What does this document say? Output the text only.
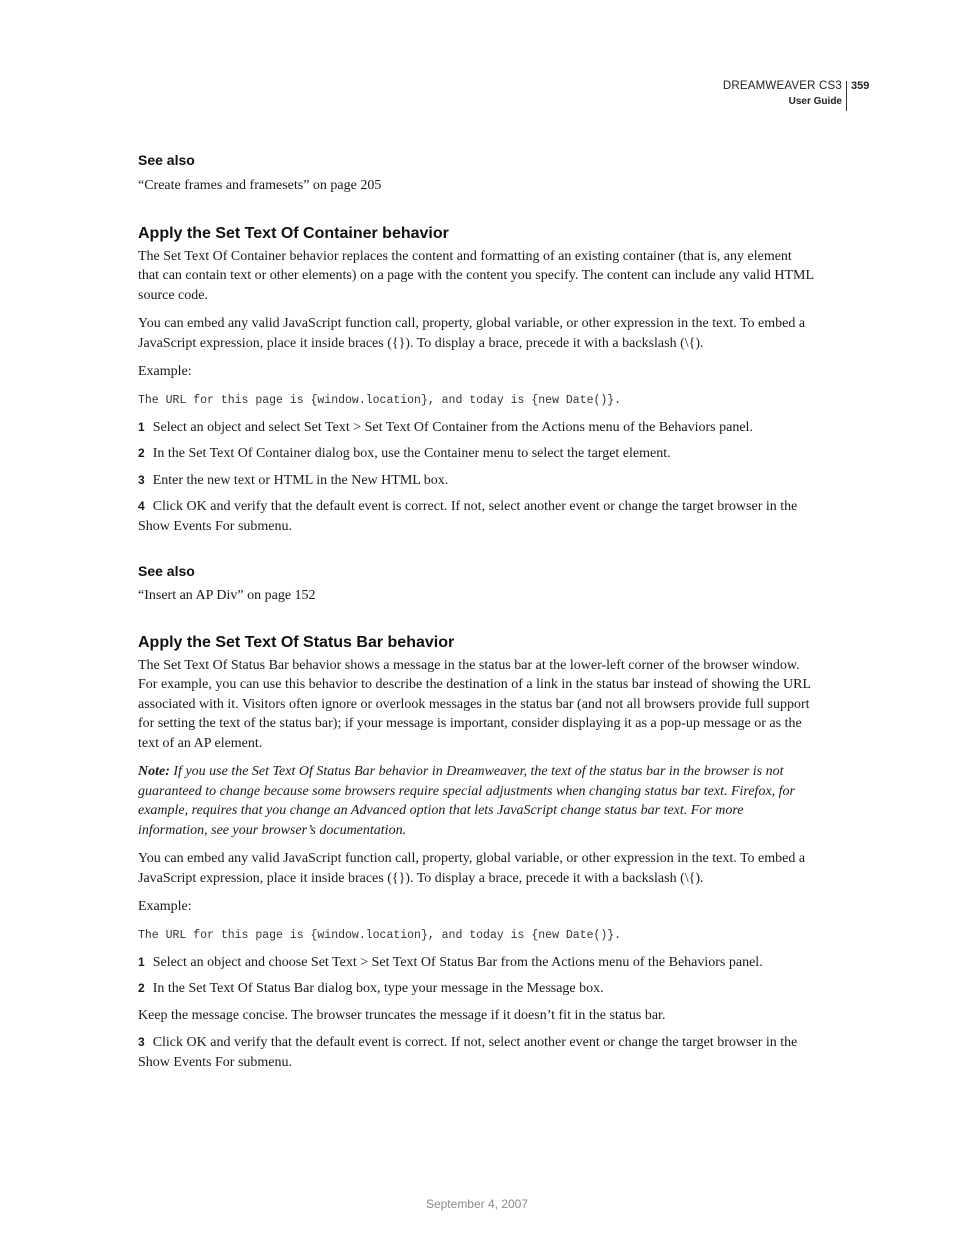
DREAMWEAVER CS3
User Guide
359
See also

“Create frames and framesets” on page 205

Apply the Set Text Of Container behavior

The Set Text Of Container behavior replaces the content and formatting of an existing container (that is, any element that can contain text or other elements) on a page with the content you specify. The content can include any valid HTML source code.

You can embed any valid JavaScript function call, property, global variable, or other expression in the text. To embed a JavaScript expression, place it inside braces ({}). To display a brace, precede it with a backslash (\{).

Example:

The URL for this page is {window.location}, and today is {new Date()}.

1 Select an object and select Set Text > Set Text Of Container from the Actions menu of the Behaviors panel.

2 In the Set Text Of Container dialog box, use the Container menu to select the target element.

3 Enter the new text or HTML in the New HTML box.

4 Click OK and verify that the default event is correct. If not, select another event or change the target browser in the Show Events For submenu.

See also

“Insert an AP Div” on page 152

Apply the Set Text Of Status Bar behavior

The Set Text Of Status Bar behavior shows a message in the status bar at the lower-left corner of the browser window. For example, you can use this behavior to describe the destination of a link in the status bar instead of showing the URL associated with it. Visitors often ignore or overlook messages in the status bar (and not all browsers provide full support for setting the text of the status bar); if your message is important, consider displaying it as a pop-up message or as the text of an AP element.

Note: If you use the Set Text Of Status Bar behavior in Dreamweaver, the text of the status bar in the browser is not guaranteed to change because some browsers require special adjustments when changing status bar text. Firefox, for example, requires that you change an Advanced option that lets JavaScript change status bar text. For more information, see your browser’s documentation.

You can embed any valid JavaScript function call, property, global variable, or other expression in the text. To embed a JavaScript expression, place it inside braces ({}). To display a brace, precede it with a backslash (\{).

Example:

The URL for this page is {window.location}, and today is {new Date()}.

1 Select an object and choose Set Text > Set Text Of Status Bar from the Actions menu of the Behaviors panel.

2 In the Set Text Of Status Bar dialog box, type your message in the Message box.

Keep the message concise. The browser truncates the message if it doesn’t fit in the status bar.

3 Click OK and verify that the default event is correct. If not, select another event or change the target browser in the Show Events For submenu.

September 4, 2007
